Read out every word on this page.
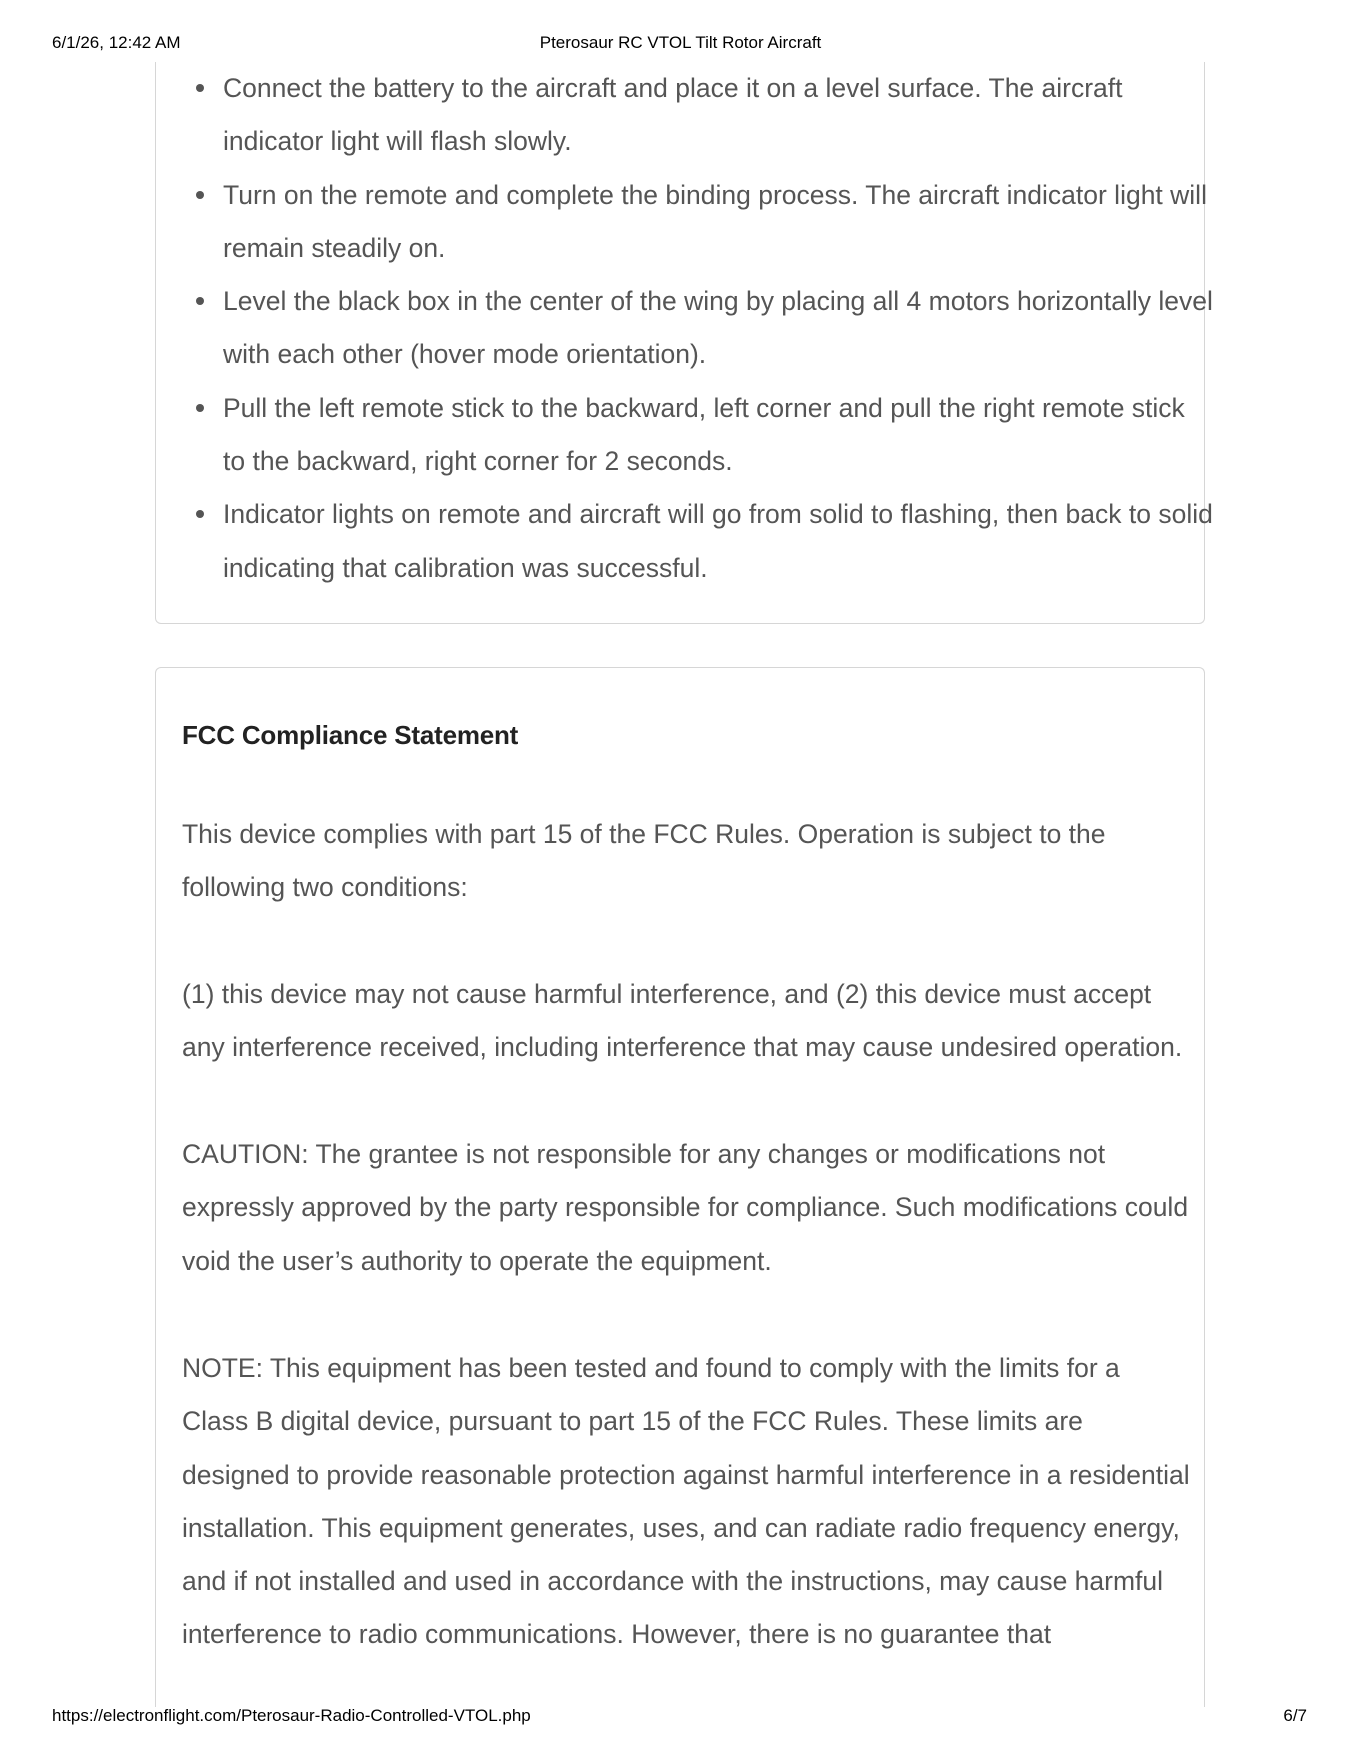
6/1/26, 12:42 AM	Pterosaur RC VTOL Tilt Rotor Aircraft
Connect the battery to the aircraft and place it on a level surface. The aircraft indicator light will flash slowly.
Turn on the remote and complete the binding process. The aircraft indicator light will remain steadily on.
Level the black box in the center of the wing by placing all 4 motors horizontally level with each other (hover mode orientation).
Pull the left remote stick to the backward, left corner and pull the right remote stick to the backward, right corner for 2 seconds.
Indicator lights on remote and aircraft will go from solid to flashing, then back to solid indicating that calibration was successful.
FCC Compliance Statement

This device complies with part 15 of the FCC Rules. Operation is subject to the following two conditions:

(1) this device may not cause harmful interference, and (2) this device must accept any interference received, including interference that may cause undesired operation.

CAUTION: The grantee is not responsible for any changes or modifications not expressly approved by the party responsible for compliance. Such modifications could void the user’s authority to operate the equipment.

NOTE: This equipment has been tested and found to comply with the limits for a Class B digital device, pursuant to part 15 of the FCC Rules. These limits are designed to provide reasonable protection against harmful interference in a residential installation. This equipment generates, uses, and can radiate radio frequency energy, and if not installed and used in accordance with the instructions, may cause harmful interference to radio communications. However, there is no guarantee that

https://electronflight.com/Pterosaur-Radio-Controlled-VTOL.php	6/7
